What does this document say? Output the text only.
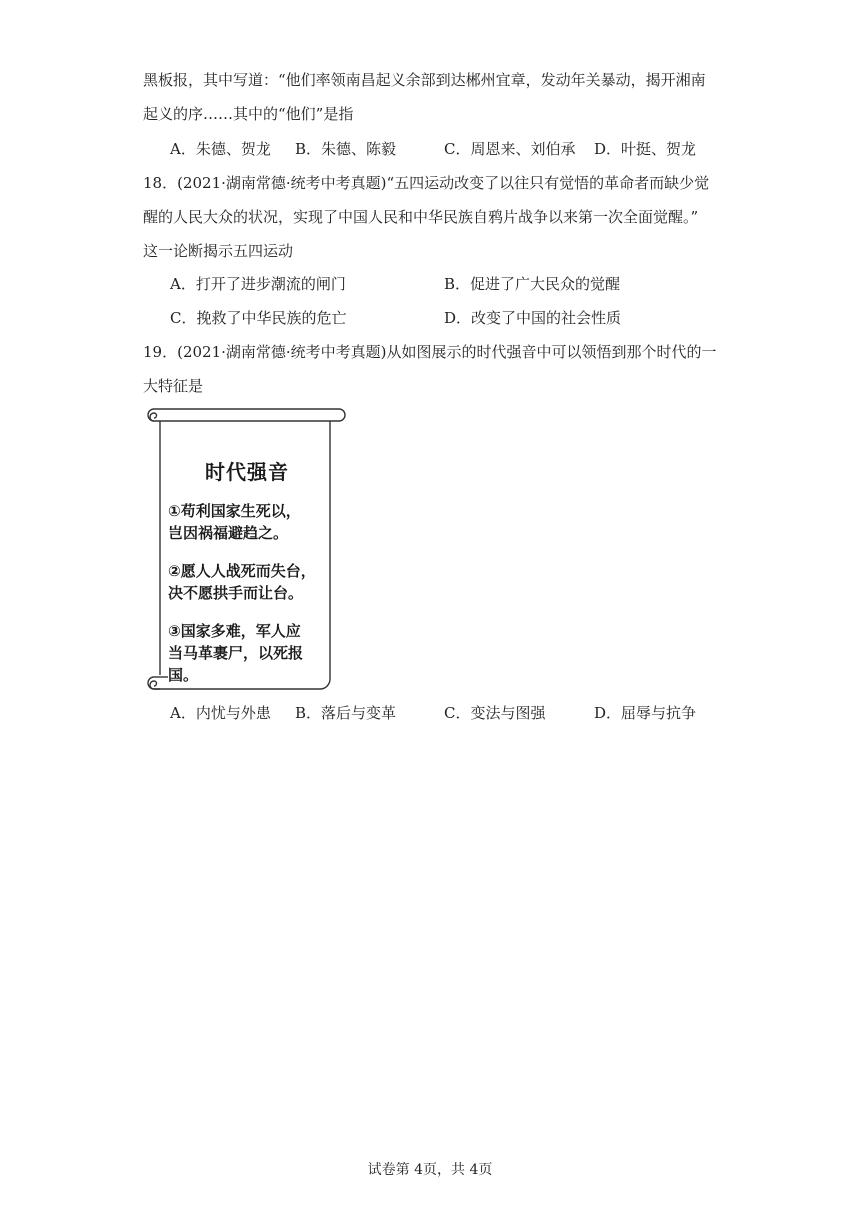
黑板报，其中写道：“他们率领南昌起义余部到达郴州宜章，发动年关暴动，揭开湘南
起义的序……其中的“他们”是指
A．朱德、贺龙 B．朱德、陈毅	C．周恩来、刘伯承 D．叶挺、贺龙
18．(2021·湖南常德·统考中考真题)“五四运动改变了以往只有觉悟的革命者而缺少觉
醒的人民大众的状况，实现了中国人民和中华民族自鸦片战争以来第一次全面觉醒。”
这一论断揭示五四运动
A．打开了进步潮流的闸门	B．促进了广大民众的觉醒
C．挽救了中华民族的危亡	D．改变了中国的社会性质
19．(2021·湖南常德·统考中考真题)从如图展示的时代强音中可以领悟到那个时代的一
大特征是
时代强音
①苟利国家生死以，
岂因祸福避趋之。
②愿人人战死而失台，
决不愿拱手而让台。
③国家多难，军人应
当马革裹尸，以死报
国。
A．内忧与外患 B．落后与变革	C．变法与图强	D．屈辱与抗争
试卷第 4页，共 4页
